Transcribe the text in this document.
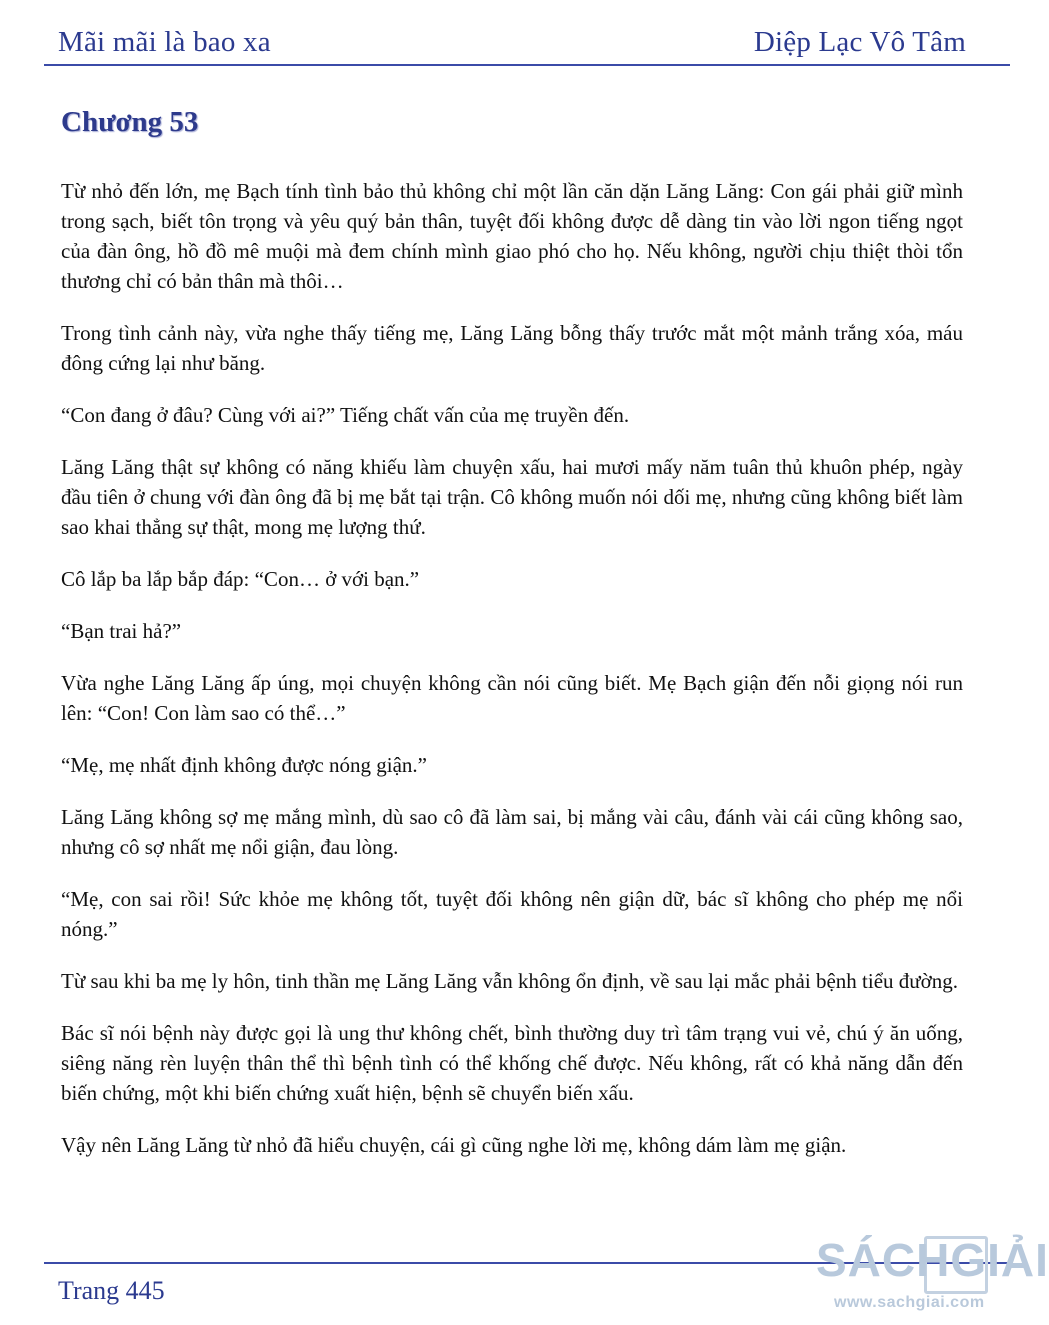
Mãi mãi là bao xa	Diệp Lạc Vô Tâm
Chương 53

Từ nhỏ đến lớn, mẹ Bạch tính tình bảo thủ không chỉ một lần căn dặn Lăng Lăng: Con gái phải giữ mình trong sạch, biết tôn trọng và yêu quý bản thân, tuyệt đối không được dễ dàng tin vào lời ngon tiếng ngọt của đàn ông, hồ đồ mê muội mà đem chính mình giao phó cho họ. Nếu không, người chịu thiệt thòi tổn thương chỉ có bản thân mà thôi…

Trong tình cảnh này, vừa nghe thấy tiếng mẹ, Lăng Lăng bỗng thấy trước mắt một mảnh trắng xóa, máu đông cứng lại như băng.

“Con đang ở đâu? Cùng với ai?” Tiếng chất vấn của mẹ truyền đến.

Lăng Lăng thật sự không có năng khiếu làm chuyện xấu, hai mươi mấy năm tuân thủ khuôn phép, ngày đầu tiên ở chung với đàn ông đã bị mẹ bắt tại trận. Cô không muốn nói dối mẹ, nhưng cũng không biết làm sao khai thẳng sự thật, mong mẹ lượng thứ.

Cô lắp ba lắp bắp đáp: “Con… ở với bạn.”

“Bạn trai hả?”

Vừa nghe Lăng Lăng ấp úng, mọi chuyện không cần nói cũng biết. Mẹ Bạch giận đến nỗi giọng nói run lên: “Con! Con làm sao có thể…”

“Mẹ, mẹ nhất định không được nóng giận.”

Lăng Lăng không sợ mẹ mắng mình, dù sao cô đã làm sai, bị mắng vài câu, đánh vài cái cũng không sao, nhưng cô sợ nhất mẹ nổi giận, đau lòng.

“Mẹ, con sai rồi! Sức khỏe mẹ không tốt, tuyệt đối không nên giận dữ, bác sĩ không cho phép mẹ nổi nóng.”

Từ sau khi ba mẹ ly hôn, tinh thần mẹ Lăng Lăng vẫn không ổn định, về sau lại mắc phải bệnh tiểu đường.

Bác sĩ nói bệnh này được gọi là ung thư không chết, bình thường duy trì tâm trạng vui vẻ, chú ý ăn uống, siêng năng rèn luyện thân thể thì bệnh tình có thể khống chế được. Nếu không, rất có khả năng dẫn đến biến chứng, một khi biến chứng xuất hiện, bệnh sẽ chuyển biến xấu.

Vậy nên Lăng Lăng từ nhỏ đã hiểu chuyện, cái gì cũng nghe lời mẹ, không dám làm mẹ giận.

Trang 445
SÁCHGIẢI
www.sachgiai.com
